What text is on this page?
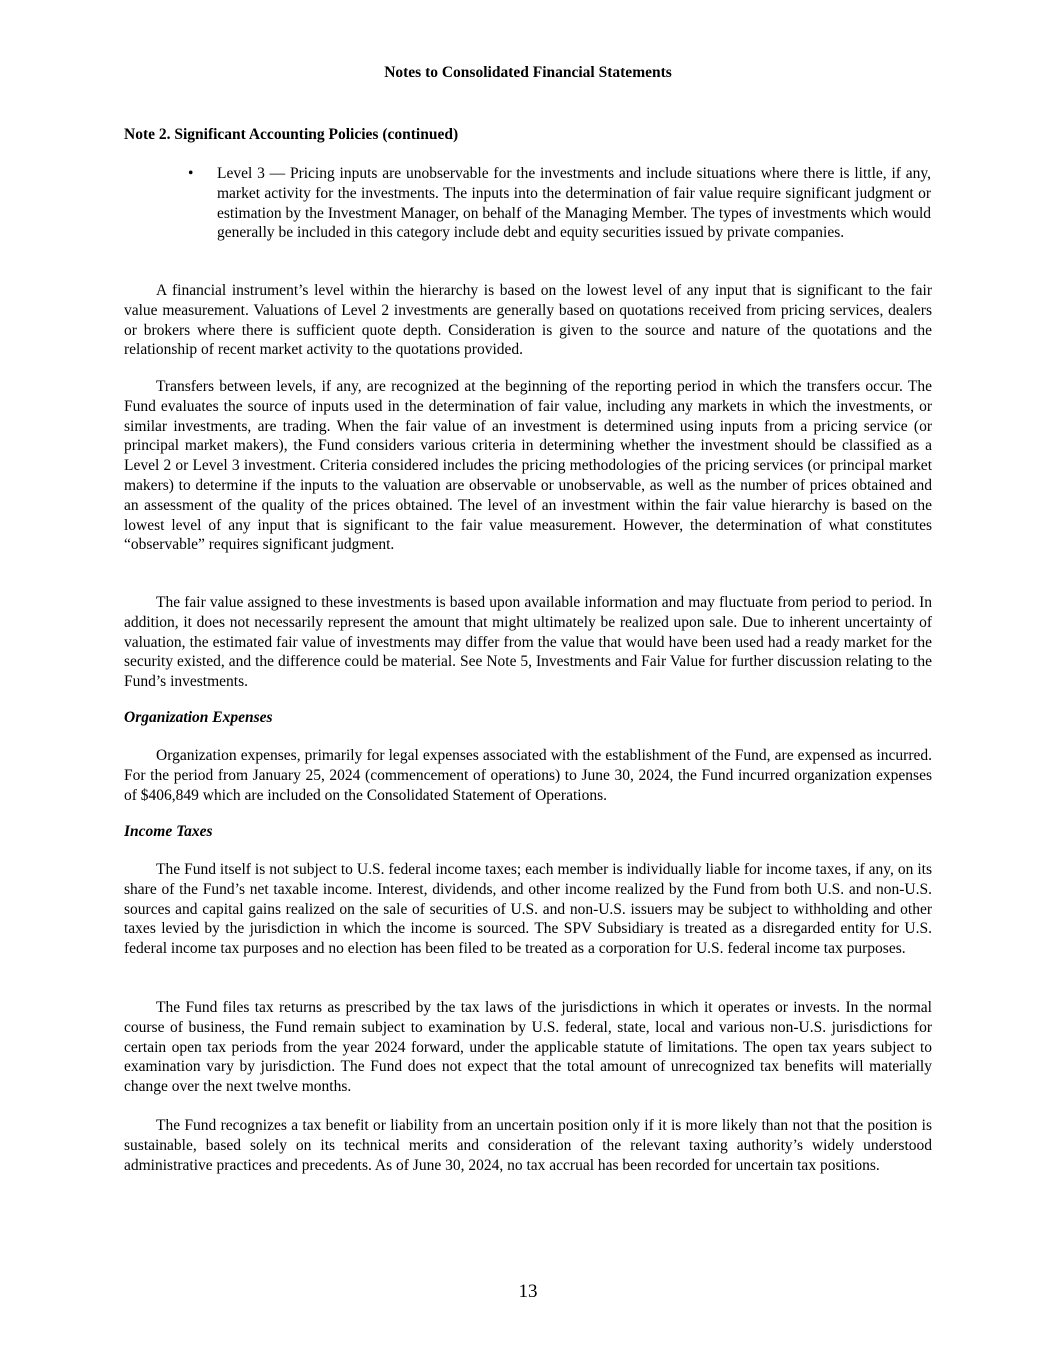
Notes to Consolidated Financial Statements
Note 2. Significant Accounting Policies (continued)
•	Level 3 — Pricing inputs are unobservable for the investments and include situations where there is little, if any, market activity for the investments. The inputs into the determination of fair value require significant judgment or estimation by the Investment Manager, on behalf of the Managing Member. The types of investments which would generally be included in this category include debt and equity securities issued by private companies.

A financial instrument’s level within the hierarchy is based on the lowest level of any input that is significant to the fair value measurement. Valuations of Level 2 investments are generally based on quotations received from pricing services, dealers or brokers where there is sufficient quote depth. Consideration is given to the source and nature of the quotations and the relationship of recent market activity to the quotations provided.

Transfers between levels, if any, are recognized at the beginning of the reporting period in which the transfers occur. The Fund evaluates the source of inputs used in the determination of fair value, including any markets in which the investments, or similar investments, are trading. When the fair value of an investment is determined using inputs from a pricing service (or principal market makers), the Fund considers various criteria in determining whether the investment should be classified as a Level 2 or Level 3 investment. Criteria considered includes the pricing methodologies of the pricing services (or principal market makers) to determine if the inputs to the valuation are observable or unobservable, as well as the number of prices obtained and an assessment of the quality of the prices obtained. The level of an investment within the fair value hierarchy is based on the lowest level of any input that is significant to the fair value measurement. However, the determination of what constitutes “observable” requires significant judgment.

The fair value assigned to these investments is based upon available information and may fluctuate from period to period. In addition, it does not necessarily represent the amount that might ultimately be realized upon sale. Due to inherent uncertainty of valuation, the estimated fair value of investments may differ from the value that would have been used had a ready market for the security existed, and the difference could be material. See Note 5, Investments and Fair Value for further discussion relating to the Fund’s investments.

Organization Expenses

Organization expenses, primarily for legal expenses associated with the establishment of the Fund, are expensed as incurred. For the period from January 25, 2024 (commencement of operations) to June 30, 2024, the Fund incurred organization expenses of $406,849 which are included on the Consolidated Statement of Operations.

Income Taxes

The Fund itself is not subject to U.S. federal income taxes; each member is individually liable for income taxes, if any, on its share of the Fund’s net taxable income. Interest, dividends, and other income realized by the Fund from both U.S. and non-U.S. sources and capital gains realized on the sale of securities of U.S. and non-U.S. issuers may be subject to withholding and other taxes levied by the jurisdiction in which the income is sourced. The SPV Subsidiary is treated as a disregarded entity for U.S. federal income tax purposes and no election has been filed to be treated as a corporation for U.S. federal income tax purposes.

The Fund files tax returns as prescribed by the tax laws of the jurisdictions in which it operates or invests. In the normal course of business, the Fund remain subject to examination by U.S. federal, state, local and various non-U.S. jurisdictions for certain open tax periods from the year 2024 forward, under the applicable statute of limitations. The open tax years subject to examination vary by jurisdiction. The Fund does not expect that the total amount of unrecognized tax benefits will materially change over the next twelve months.

The Fund recognizes a tax benefit or liability from an uncertain position only if it is more likely than not that the position is sustainable, based solely on its technical merits and consideration of the relevant taxing authority’s widely understood administrative practices and precedents. As of June 30, 2024, no tax accrual has been recorded for uncertain tax positions.

13
